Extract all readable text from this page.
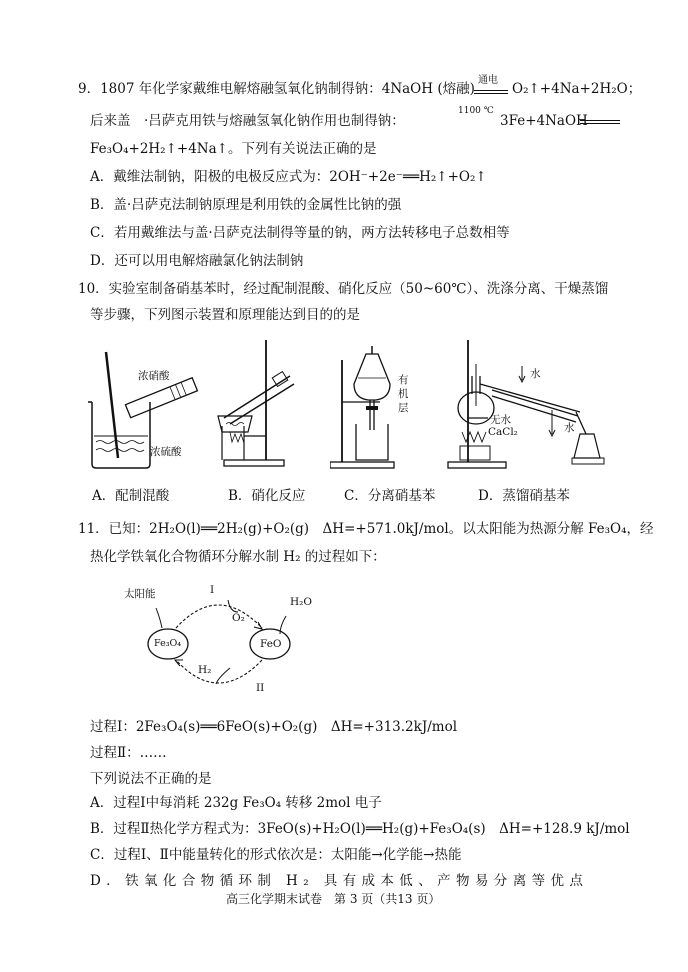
9．1807 年化学家戴维电解熔融氢氧化钠制得钠：4NaOH (熔融)
通电
O₂↑+4Na+2H₂O；
后来盖　·吕萨克用铁与熔融氢氧化钠作用也制得钠：
1100 ℃
3Fe+4NaOH
Fe₃O₄+2H₂↑+4Na↑。下列有关说法正确的是
A．戴维法制钠，阳极的电极反应式为：2OH⁻+2e⁻══H₂↑+O₂↑
B．盖·吕萨克法制钠原理是利用铁的金属性比钠的强
C．若用戴维法与盖·吕萨克法制得等量的钠，两方法转移电子总数相等
D．还可以用电解熔融氯化钠法制钠
10．实验室制备硝基苯时，经过配制混酸、硝化反应（50~60℃）、洗涤分离、干燥蒸馏
等步骤，下列图示装置和原理能达到目的的是
浓硝酸
浓硫酸
有
机
层
水
水
无水
CaCl₂
A．配制混酸	B．硝化反应	C．分离硝基苯	D．蒸馏硝基苯
11．已知：2H₂O(l)══2H₂(g)+O₂(g)　ΔH=+571.0kJ/mol。以太阳能为热源分解 Fe₃O₄，经
热化学铁氧化合物循环分解水制 H₂ 的过程如下：
太阳能	I
O₂
H₂O
Fe₃O₄	FeO
H₂
II
过程Ⅰ：2Fe₃O₄(s)══6FeO(s)+O₂(g)　ΔH=+313.2kJ/mol
过程Ⅱ：……
下列说法不正确的是
A．过程Ⅰ中每消耗 232g Fe₃O₄ 转移 2mol 电子
B．过程Ⅱ热化学方程式为：3FeO(s)+H₂O(l)══H₂(g)+Fe₃O₄(s)　ΔH=+128.9 kJ/mol
C．过程Ⅰ、Ⅱ中能量转化的形式依次是：太阳能→化学能→热能
D．铁氧化合物循环制 H₂ 具有成本低、产物易分离等优点
高三化学期末试卷　第 3 页（共13 页）
